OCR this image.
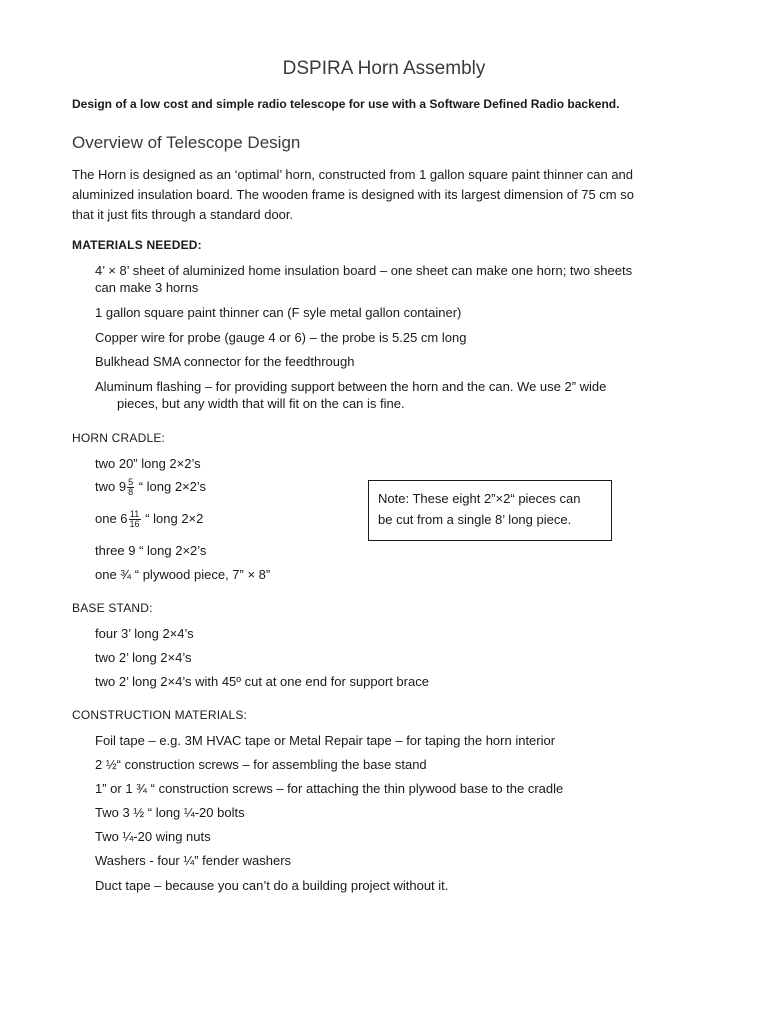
DSPIRA Horn Assembly
Design of a low cost and simple radio telescope for use with a Software Defined Radio backend.
Overview of Telescope Design
The Horn is designed as an ‘optimal’ horn, constructed from 1 gallon square paint thinner can and
aluminized insulation board. The wooden frame is designed with its largest dimension of 75 cm so
that it just fits through a standard door.
MATERIALS NEEDED:
4’ × 8’ sheet of aluminized home insulation board – one sheet can make one horn; two sheets
can make 3 horns
1 gallon square paint thinner can (F syle metal gallon container)
Copper wire for probe (gauge 4 or 6) – the probe is 5.25 cm long
Bulkhead SMA connector for the feedthrough
Aluminum flashing – for providing support between the horn and the can. We use 2” wide
pieces, but any width that will fit on the can is fine.
HORN CRADLE:
two 20” long 2×2’s
two $9 \frac{5}{8}$ “ long 2×2’s
one $6 \frac{11}{16}$ “ long 2×2
three 9 “ long 2×2’s
one ¾ “ plywood piece, 7” × 8”
Note: These eight 2”×2“ pieces can
be cut from a single 8’ long piece.
BASE STAND:
four 3’ long 2×4’s
two 2’ long 2×4’s
two 2’ long 2×4’s with 45º cut at one end for support brace
CONSTRUCTION MATERIALS:
Foil tape – e.g. 3M HVAC tape or Metal Repair tape – for taping the horn interior
2 ½“ construction screws – for assembling the base stand
1” or 1 ¾ “ construction screws – for attaching the thin plywood base to the cradle
Two 3 ½ “ long ¼-20 bolts
Two ¼-20 wing nuts
Washers - four ¼” fender washers
Duct tape – because you can’t do a building project without it.
